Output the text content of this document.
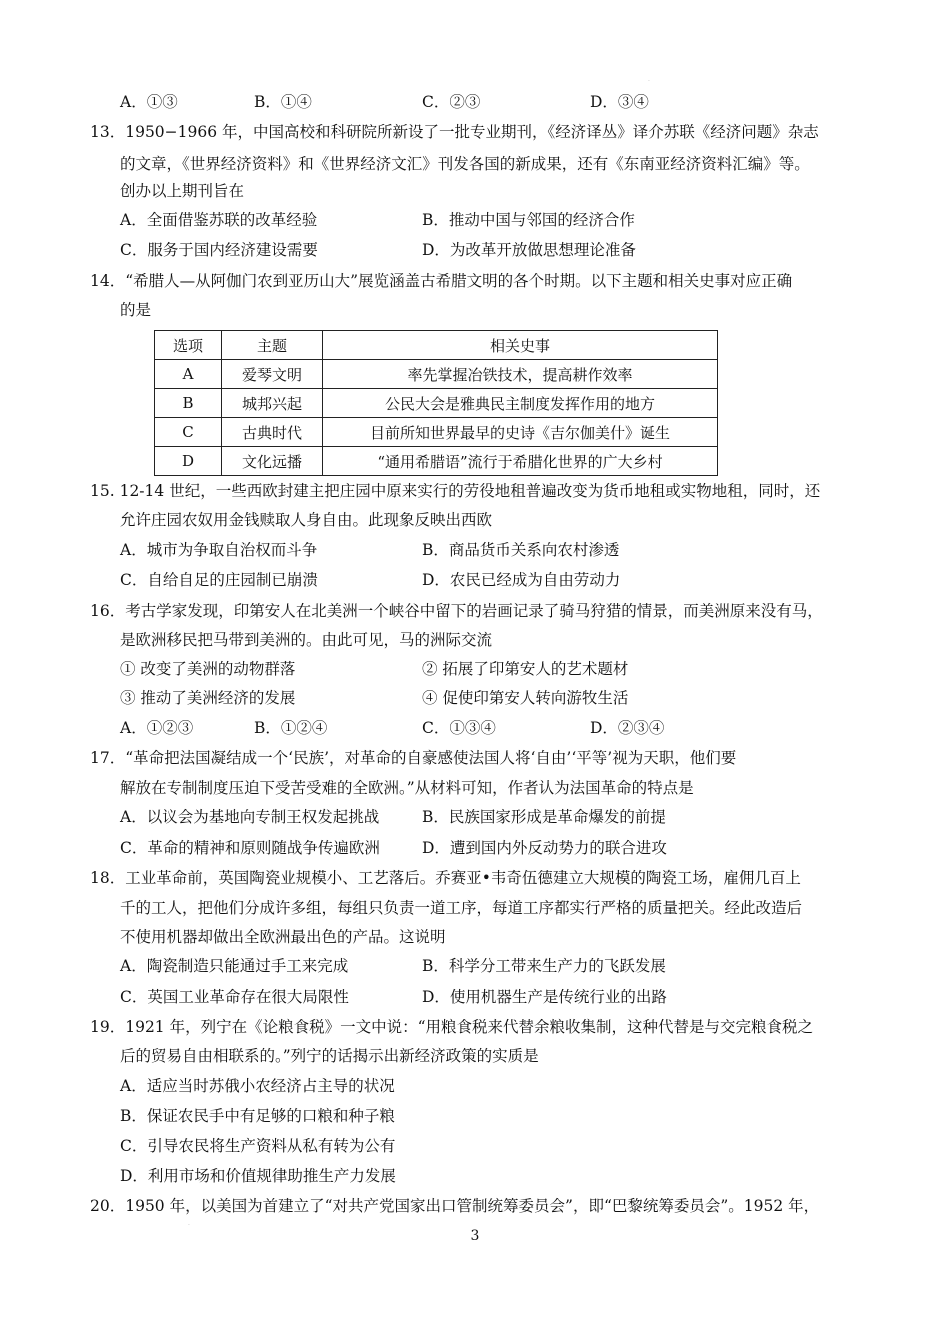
A．①③	B．①④	C．②③	D．③④
13．1950−1966 年，中国高校和科研院所新设了一批专业期刊，《经济译丛》译介苏联《经济问题》杂志
的文章，《世界经济资料》和《世界经济文汇》刊发各国的新成果，还有《东南亚经济资料汇编》等。
创办以上期刊旨在
A．全面借鉴苏联的改革经验	B．推动中国与邻国的经济合作
C．服务于国内经济建设需要	D．为改革开放做思想理论准备
14．“希腊人—从阿伽门农到亚历山大”展览涵盖古希腊文明的各个时期。以下主题和相关史事对应正确
的是
选项	主题	相关史事
A	爱琴文明	率先掌握冶铁技术，提高耕作效率
B	城邦兴起	公民大会是雅典民主制度发挥作用的地方
C	古典时代	目前所知世界最早的史诗《吉尔伽美什》诞生
D	文化远播	“通用希腊语”流行于希腊化世界的广大乡村
15. 12-14 世纪，一些西欧封建主把庄园中原来实行的劳役地租普遍改变为货币地租或实物地租，同时，还
允许庄园农奴用金钱赎取人身自由。此现象反映出西欧
A．城市为争取自治权而斗争	B．商品货币关系向农村渗透
C．自给自足的庄园制已崩溃	D．农民已经成为自由劳动力
16．考古学家发现，印第安人在北美洲一个峡谷中留下的岩画记录了骑马狩猎的情景，而美洲原来没有马，
是欧洲移民把马带到美洲的。由此可见，马的洲际交流
① 改变了美洲的动物群落	② 拓展了印第安人的艺术题材
③ 推动了美洲经济的发展	④ 促使印第安人转向游牧生活
A．①②③	B．①②④	C．①③④	D．②③④
17．“革命把法国凝结成一个‘民族’，对革命的自豪感使法国人将‘自由’‘平等’视为天职，他们要
解放在专制制度压迫下受苦受难的全欧洲。”从材料可知，作者认为法国革命的特点是
A．以议会为基地向专制王权发起挑战	B．民族国家形成是革命爆发的前提
C．革命的精神和原则随战争传遍欧洲	D．遭到国内外反动势力的联合进攻
18．工业革命前，英国陶瓷业规模小、工艺落后。乔赛亚•韦奇伍德建立大规模的陶瓷工场，雇佣几百上
千的工人，把他们分成许多组，每组只负责一道工序，每道工序都实行严格的质量把关。经此改造后
不使用机器却做出全欧洲最出色的产品。这说明
A．陶瓷制造只能通过手工来完成	B．科学分工带来生产力的飞跃发展
C．英国工业革命存在很大局限性	D．使用机器生产是传统行业的出路
19．1921 年，列宁在《论粮食税》一文中说：“用粮食税来代替余粮收集制，这种代替是与交完粮食税之
后的贸易自由相联系的。”列宁的话揭示出新经济政策的实质是
A．适应当时苏俄小农经济占主导的状况
B．保证农民手中有足够的口粮和种子粮
C．引导农民将生产资料从私有转为公有
D．利用市场和价值规律助推生产力发展
20．1950 年，以美国为首建立了“对共产党国家出口管制统筹委员会”，即“巴黎统筹委员会”。1952 年，
·
·
3
